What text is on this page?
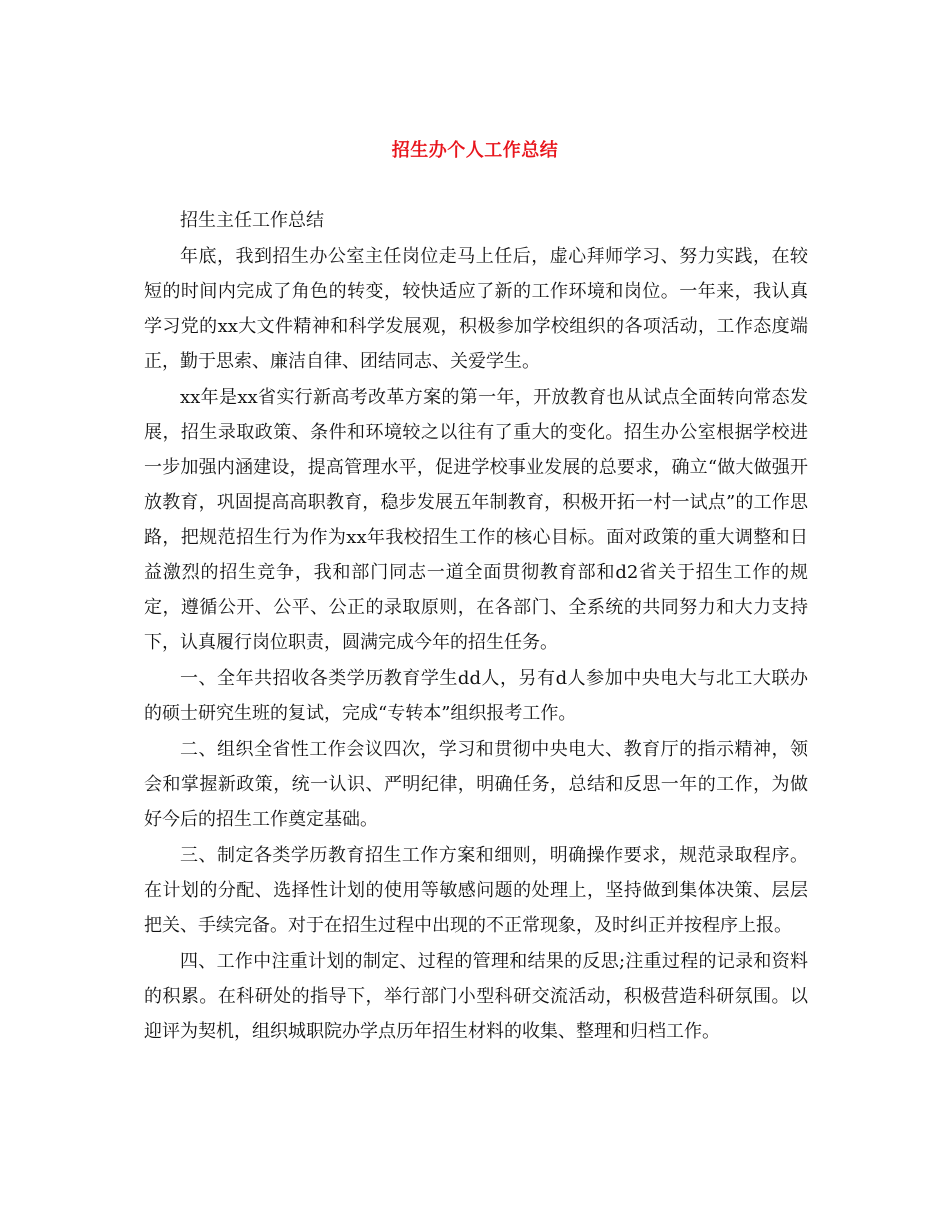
招生办个人工作总结

招生主任工作总结

年底，我到招生办公室主任岗位走马上任后，虚心拜师学习、努力实践，在较短的时间内完成了角色的转变，较快适应了新的工作环境和岗位。一年来，我认真学习党的xx大文件精神和科学发展观，积极参加学校组织的各项活动，工作态度端正，勤于思索、廉洁自律、团结同志、关爱学生。

xx年是xx省实行新高考改革方案的第一年，开放教育也从试点全面转向常态发展，招生录取政策、条件和环境较之以往有了重大的变化。招生办公室根据学校进一步加强内涵建设，提高管理水平，促进学校事业发展的总要求，确立“做大做强开放教育，巩固提高高职教育，稳步发展五年制教育，积极开拓一村一试点”的工作思路，把规范招生行为作为xx年我校招生工作的核心目标。面对政策的重大调整和日益激烈的招生竞争，我和部门同志一道全面贯彻教育部和d2省关于招生工作的规定，遵循公开、公平、公正的录取原则，在各部门、全系统的共同努力和大力支持下，认真履行岗位职责，圆满完成今年的招生任务。

一、全年共招收各类学历教育学生dd人，另有d人参加中央电大与北工大联办的硕士研究生班的复试，完成“专转本”组织报考工作。

二、组织全省性工作会议四次，学习和贯彻中央电大、教育厅的指示精神，领会和掌握新政策，统一认识、严明纪律，明确任务，总结和反思一年的工作，为做好今后的招生工作奠定基础。

三、制定各类学历教育招生工作方案和细则，明确操作要求，规范录取程序。在计划的分配、选择性计划的使用等敏感问题的处理上，坚持做到集体决策、层层把关、手续完备。对于在招生过程中出现的不正常现象，及时纠正并按程序上报。

四、工作中注重计划的制定、过程的管理和结果的反思;注重过程的记录和资料的积累。在科研处的指导下，举行部门小型科研交流活动，积极营造科研氛围。以迎评为契机，组织城职院办学点历年招生材料的收集、整理和归档工作。
